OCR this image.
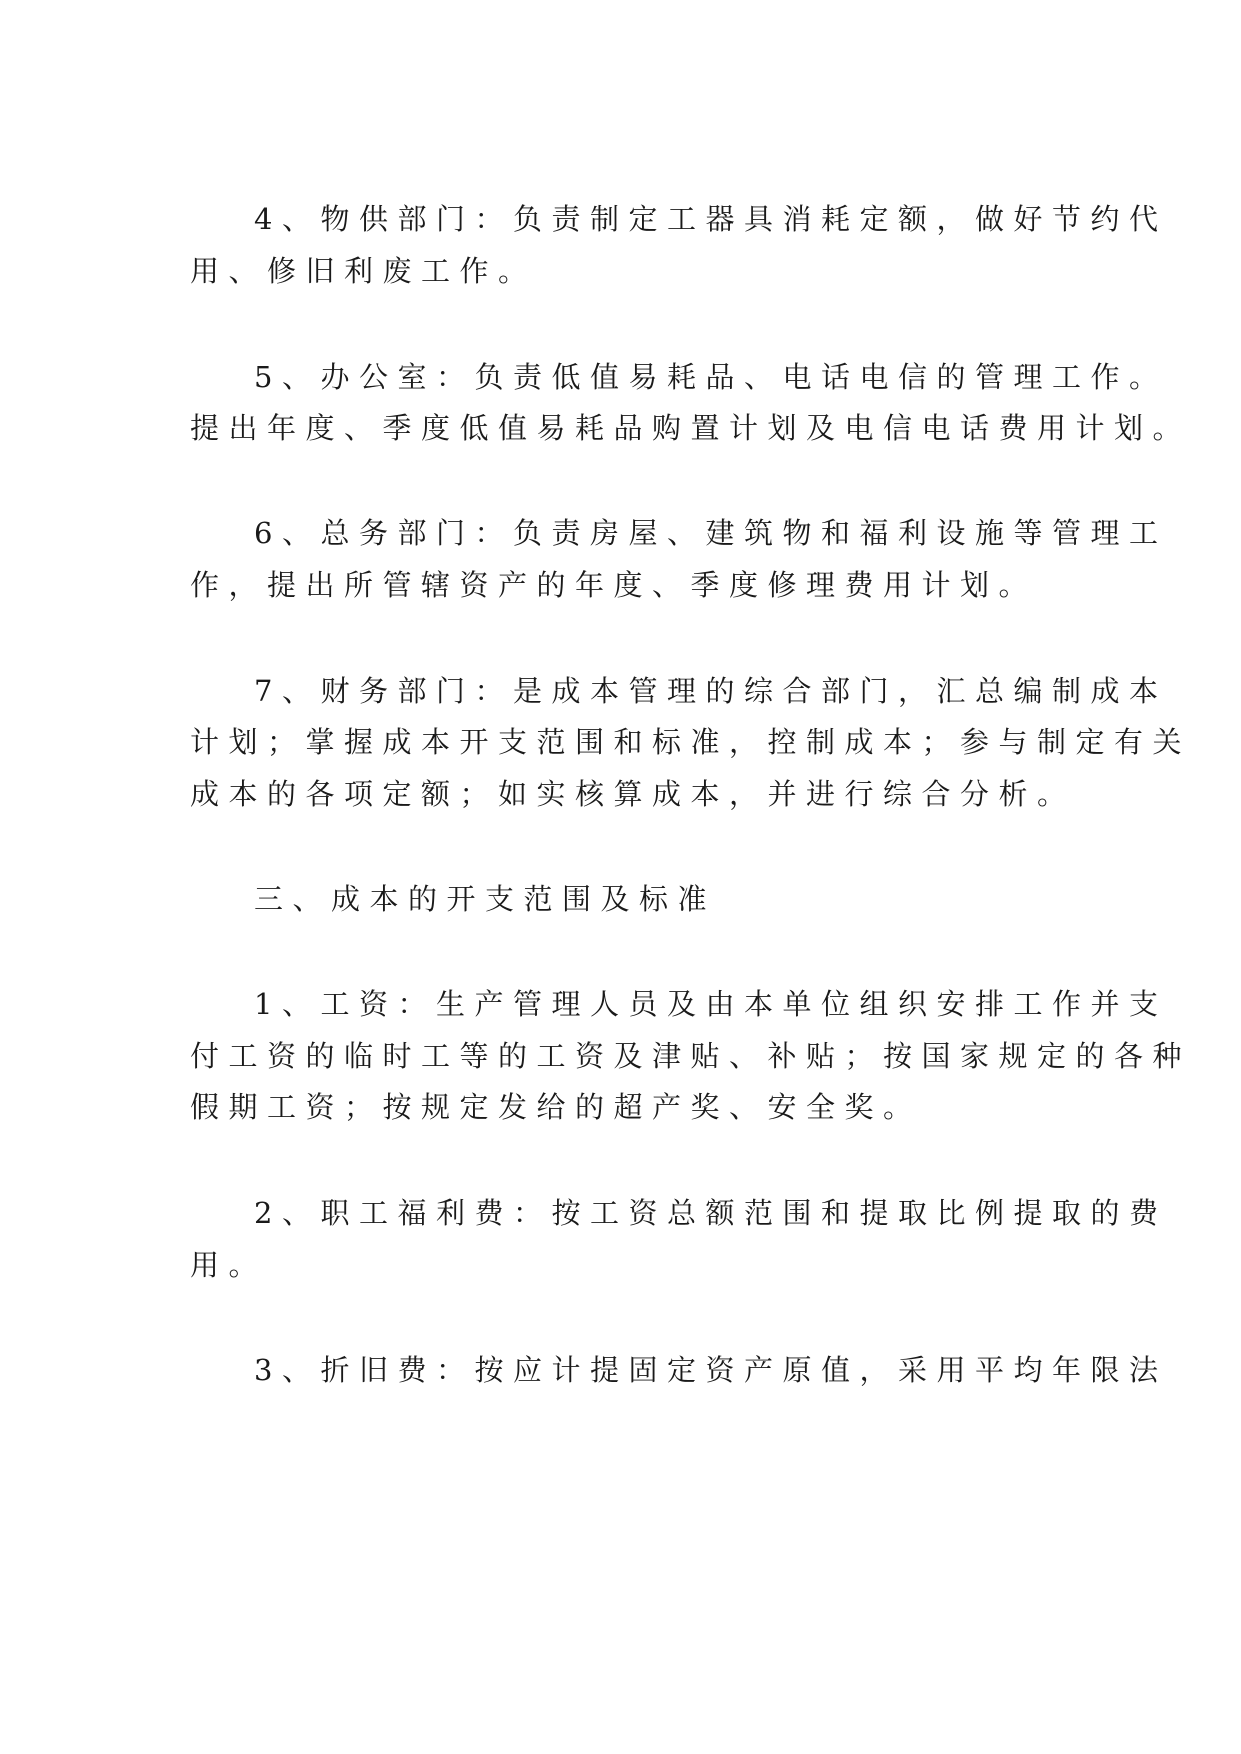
4、物供部门：负责制定工器具消耗定额，做好节约代
用、修旧利废工作。
5、办公室：负责低值易耗品、电话电信的管理工作。
提出年度、季度低值易耗品购置计划及电信电话费用计划。
6、总务部门：负责房屋、建筑物和福利设施等管理工
作，提出所管辖资产的年度、季度修理费用计划。
7、财务部门：是成本管理的综合部门，汇总编制成本
计划；掌握成本开支范围和标准，控制成本；参与制定有关
成本的各项定额；如实核算成本，并进行综合分析。
三、成本的开支范围及标准
1、工资：生产管理人员及由本单位组织安排工作并支
付工资的临时工等的工资及津贴、补贴；按国家规定的各种
假期工资；按规定发给的超产奖、安全奖。
2、职工福利费：按工资总额范围和提取比例提取的费
用。
3、折旧费：按应计提固定资产原值，采用平均年限法
